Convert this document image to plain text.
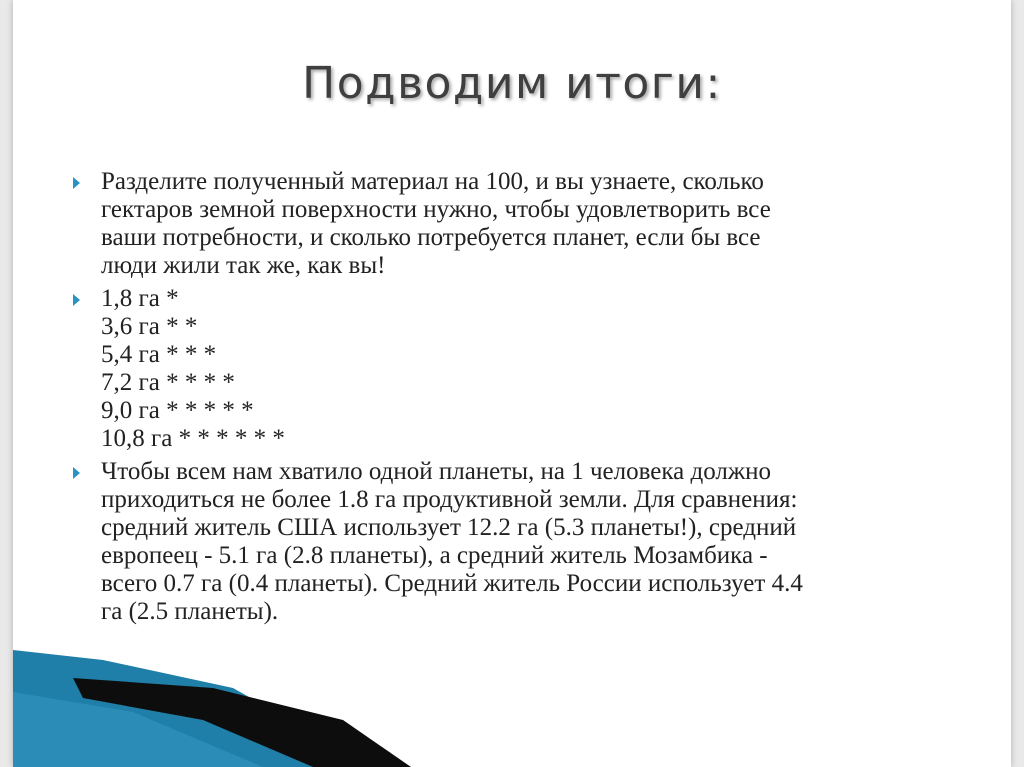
Подводим итоги:
Разделите полученный материал на 100, и вы узнаете, сколько
гектаров земной поверхности нужно, чтобы удовлетворить все
ваши потребности, и сколько потребуется планет, если бы все
люди жили так же, как вы!
1,8 га *
3,6 га * *
5,4 га * * *
7,2 га * * * *
9,0 га * * * * *
10,8 га * * * * * *
Чтобы всем нам хватило одной планеты, на 1 человека должно
приходиться не более 1.8 га продуктивной земли. Для сравнения:
средний житель США использует 12.2 га (5.3 планеты!), средний
европеец - 5.1 га (2.8 планеты), а средний житель Мозамбика -
всего 0.7 га (0.4 планеты). Средний житель России использует 4.4
га (2.5 планеты).
